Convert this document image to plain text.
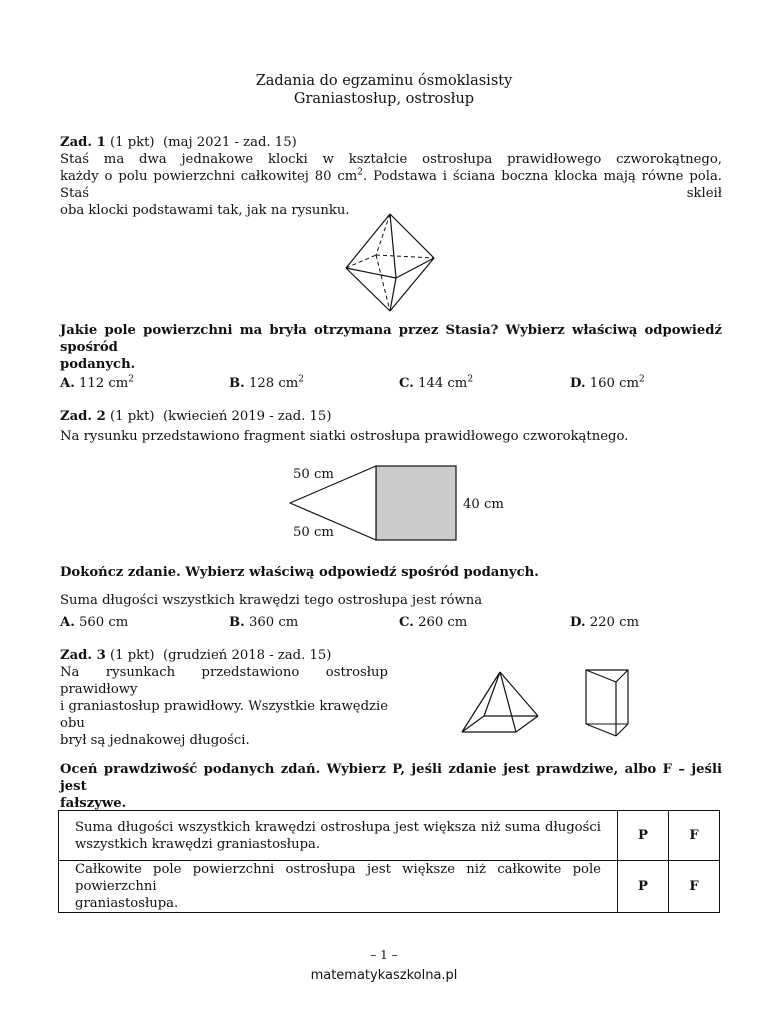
Zadania do egzaminu ósmoklasisty
Graniastosłup, ostrosłup
Zad. 1 (1 pkt) (maj 2021 - zad. 15)

Staś ma dwa jednakowe klocki w kształcie ostrosłupa prawidłowego czworokątnego,

każdy o polu powierzchni całkowitej 80 $cm^2$. Podstawa i ściana boczna klocka mają równe pola. Staś skleił

oba klocki podstawami tak, jak na rysunku.

Jakie pole powierzchni ma bryła otrzymana przez Stasia? Wybierz właściwą odpowiedź spośród

podanych.

A. 112 $cm^2$	B. 128 $cm^2$	C. 144 $cm^2$	D. 160 $cm^2$
Zad. 2 (1 pkt) (kwiecień 2019 - zad. 15)
Na rysunku przedstawiono fragment siatki ostrosłupa prawidłowego czworokątnego.
50 cm
50 cm
40 cm
Dokończ zdanie. Wybierz właściwą odpowiedź spośród podanych.
Suma długości wszystkich krawędzi tego ostrosłupa jest równa
A. 560 cm	B. 360 cm	C. 260 cm	D. 220 cm
Zad. 3 (1 pkt) (grudzień 2018 - zad. 15)

Na rysunkach przedstawiono ostrosłup prawidłowy

i graniastosłup prawidłowy. Wszystkie krawędzie obu

brył są jednakowej długości.

Oceń prawdziwość podanych zdań. Wybierz P, jeśli zdanie jest prawdziwe, albo F – jeśli jest

fałszywe.

Suma długości wszystkich krawędzi ostrosłupa jest większa niż suma długości

wszystkich krawędzi graniastosłupa.	P	F

Całkowite pole powierzchni ostrosłupa jest większe niż całkowite pole powierzchni

graniastosłupa.	P	F
– 1 –
matematykaszkolna.pl
